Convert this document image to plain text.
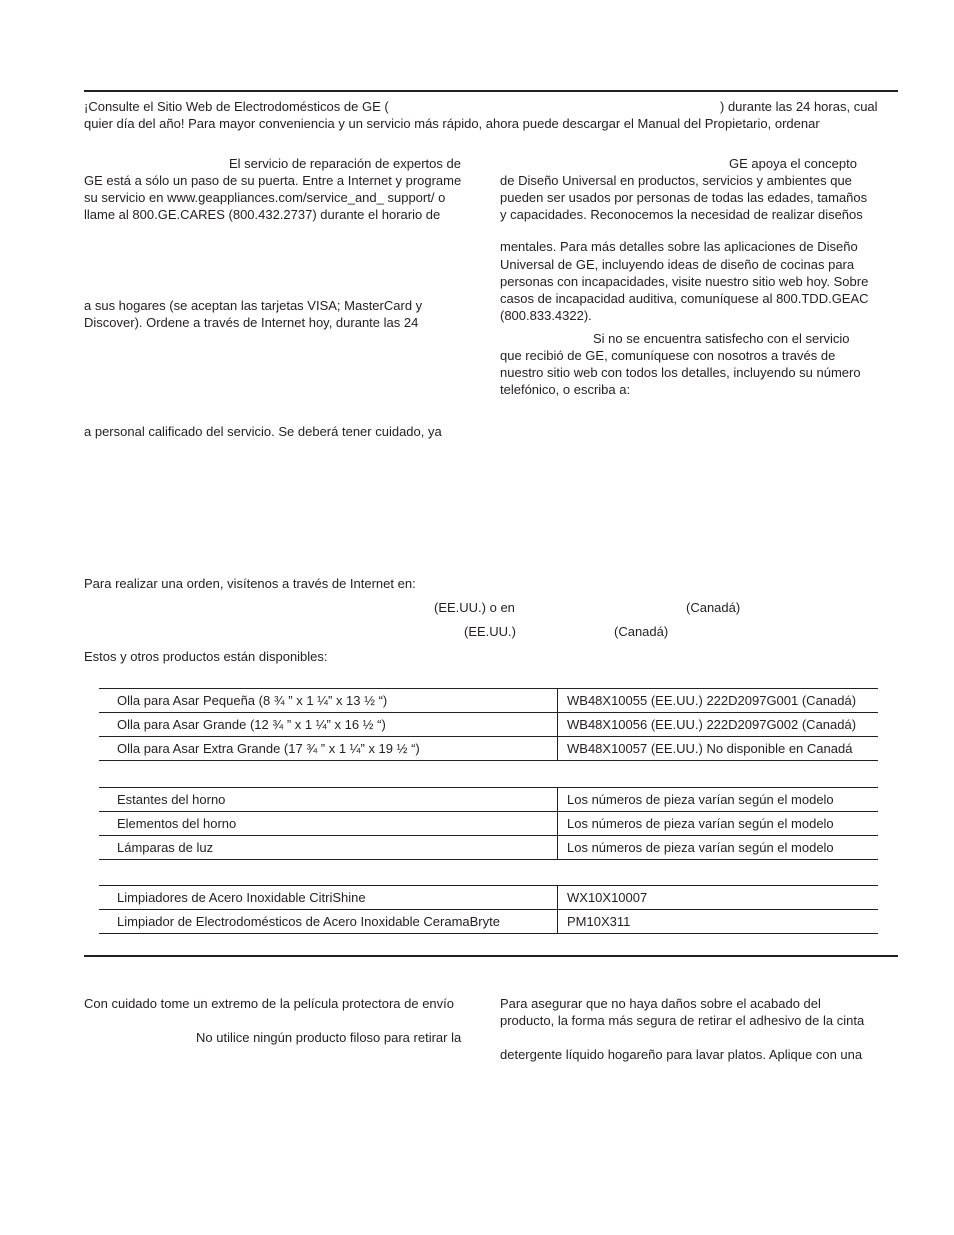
¡Consulte el Sitio Web de Electrodomésticos de GE (	) durante las 24 horas, cual
quier día del año! Para mayor conveniencia y un servicio más rápido, ahora puede descargar el Manual del Propietario, ordenar
El servicio de reparación de expertos de
GE está a sólo un paso de su puerta. Entre a Internet y programe
su servicio en www.geappliances.com/service_and_ support/ o
llame al 800.GE.CARES (800.432.2737) durante el horario de
a sus hogares (se aceptan las tarjetas VISA; MasterCard y
Discover). Ordene a través de Internet hoy, durante las 24
a personal calificado del servicio. Se deberá tener cuidado, ya
GE apoya el concepto
de Diseño Universal en productos, servicios y ambientes que
pueden ser usados por personas de todas las edades, tamaños
y capacidades. Reconocemos la necesidad de realizar diseños
mentales. Para más detalles sobre las aplicaciones de Diseño
Universal de GE, incluyendo ideas de diseño de cocinas para
personas con incapacidades, visite nuestro sitio web hoy. Sobre
casos de incapacidad auditiva, comuníquese al 800.TDD.GEAC
(800.833.4322).
Si no se encuentra satisfecho con el servicio
que recibió de GE, comuníquese con nosotros a través de
nuestro sitio web con todos los detalles, incluyendo su número
telefónico, o escriba a:
Para realizar una orden, visítenos a través de Internet en:
(EE.UU.) o en	(Canadá)
(EE.UU.)	(Canadá)
Estos y otros productos están disponibles:
Olla para Asar Pequeña (8 ¾ ” x 1 ¼” x 13 ½ “)	WB48X10055 (EE.UU.) 222D2097G001 (Canadá)
Olla para Asar Grande (12 ¾ ” x 1 ¼” x 16 ½ “)	WB48X10056 (EE.UU.) 222D2097G002 (Canadá)
Olla para Asar Extra Grande (17 ¾ ” x 1 ¼” x 19 ½ “)	WB48X10057 (EE.UU.) No disponible en Canadá
Estantes del horno	Los números de pieza varían según el modelo
Elementos del horno	Los números de pieza varían según el modelo
Lámparas de luz	Los números de pieza varían según el modelo
Limpiadores de Acero Inoxidable CitriShine	WX10X10007
Limpiador de Electrodomésticos de Acero Inoxidable CeramaBryte	PM10X311
Con cuidado tome un extremo de la película protectora de envío
No utilice ningún producto filoso para retirar la
Para asegurar que no haya daños sobre el acabado del
producto, la forma más segura de retirar el adhesivo de la cinta
detergente líquido hogareño para lavar platos. Aplique con una
